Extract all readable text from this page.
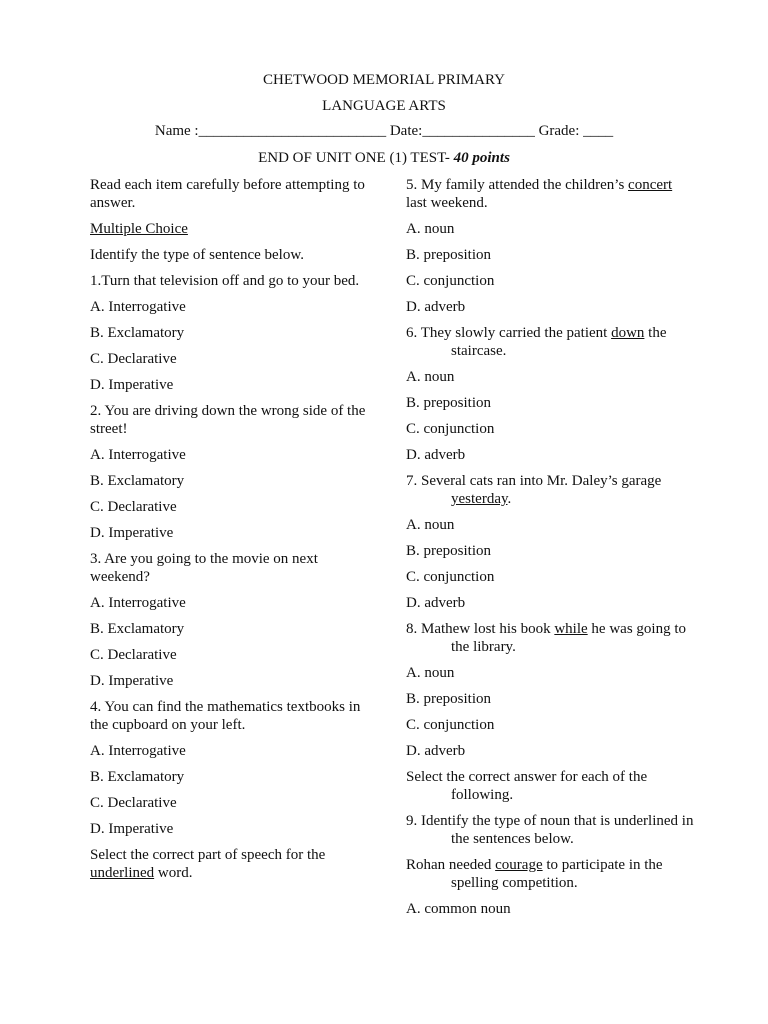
CHETWOOD MEMORIAL PRIMARY
LANGUAGE ARTS
Name :_________________________ Date:_______________ Grade: ____
END OF UNIT ONE (1) TEST- 40 points

Read each item carefully before attempting to answer.

Multiple Choice

Identify the type of sentence below.

1.Turn that television off and go to your bed.

A. Interrogative

B. Exclamatory

C. Declarative

D. Imperative

2. You are driving down the wrong side of the street!

A. Interrogative

B. Exclamatory

C. Declarative

D. Imperative

3. Are you going to the movie on next weekend?

A. Interrogative

B. Exclamatory

C. Declarative

D. Imperative

4. You can find the mathematics textbooks in the cupboard on your left.

A. Interrogative

B. Exclamatory

C. Declarative

D. Imperative

Select the correct part of speech for the underlined word.

5. My family attended the children’s concert last weekend.

A. noun

B. preposition

C. conjunction

D. adverb

6. They slowly carried the patient down the staircase.

A. noun

B. preposition

C. conjunction

D. adverb

7. Several cats ran into Mr. Daley’s garage yesterday.

A. noun

B. preposition

C. conjunction

D. adverb

8. Mathew lost his book while he was going to the library.

A. noun

B. preposition

C. conjunction

D. adverb

Select the correct answer for each of the following.

9. Identify the type of noun that is underlined in the sentences below.

Rohan needed courage to participate in the spelling competition.

A. common noun
